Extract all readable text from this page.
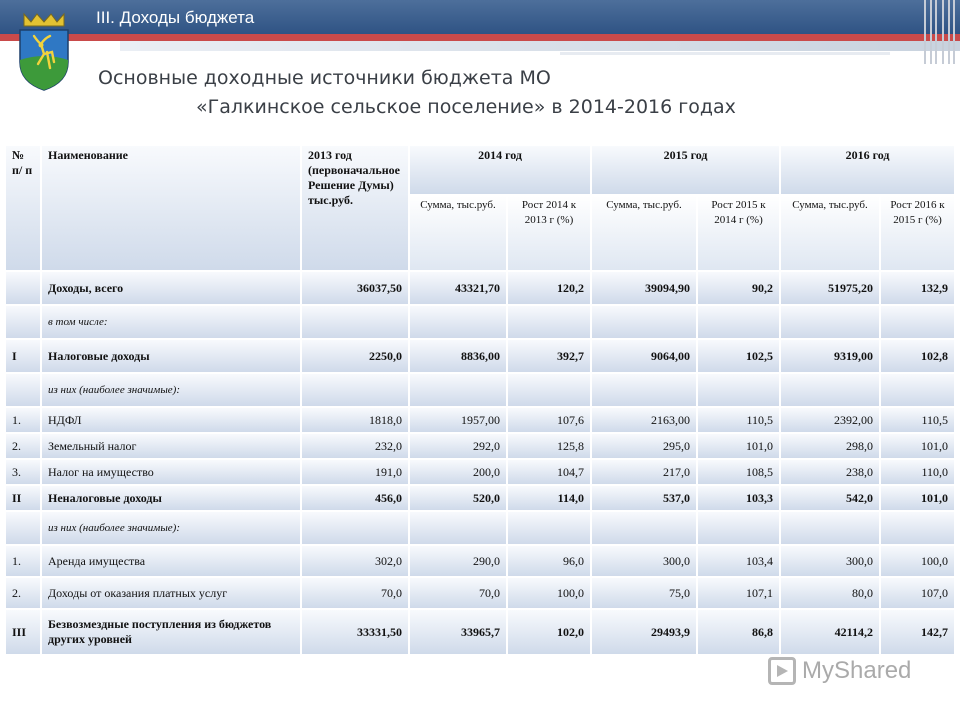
III. Доходы бюджета
Основные доходные источники бюджета МО
«Галкинское сельское поселение» в 2014-2016 годах
№ п/ п	Наименование	2013 год (первоначальное Решение Думы) тыс.руб.	2014 год		2015 год		2016 год	
			Сумма, тыс.руб.	Рост 2014 к 2013 г (%)	Сумма, тыс.руб.	Рост 2015 к 2014 г (%)	Сумма, тыс.руб.	Рост 2016 к 2015 г (%)
	Доходы, всего	36037,50	43321,70	120,2	39094,90	90,2	51975,20	132,9
	в том числе:							
I	Налоговые доходы	2250,0	8836,00	392,7	9064,00	102,5	9319,00	102,8
	из них (наиболее значимые):							
1.	НДФЛ	1818,0	1957,00	107,6	2163,00	110,5	2392,00	110,5
2.	Земельный налог	232,0	292,0	125,8	295,0	101,0	298,0	101,0
3.	Налог на имущество	191,0	200,0	104,7	217,0	108,5	238,0	110,0
II	Неналоговые доходы	456,0	520,0	114,0	537,0	103,3	542,0	101,0
	из них (наиболее значимые):							
1.	Аренда имущества	302,0	290,0	96,0	300,0	103,4	300,0	100,0
2.	Доходы от оказания платных услуг	70,0	70,0	100,0	75,0	107,1	80,0	107,0
III	Безвозмездные поступления из бюджетов других уровней	33331,50	33965,7	102,0	29493,9	86,8	42114,2	142,7
MyShared
